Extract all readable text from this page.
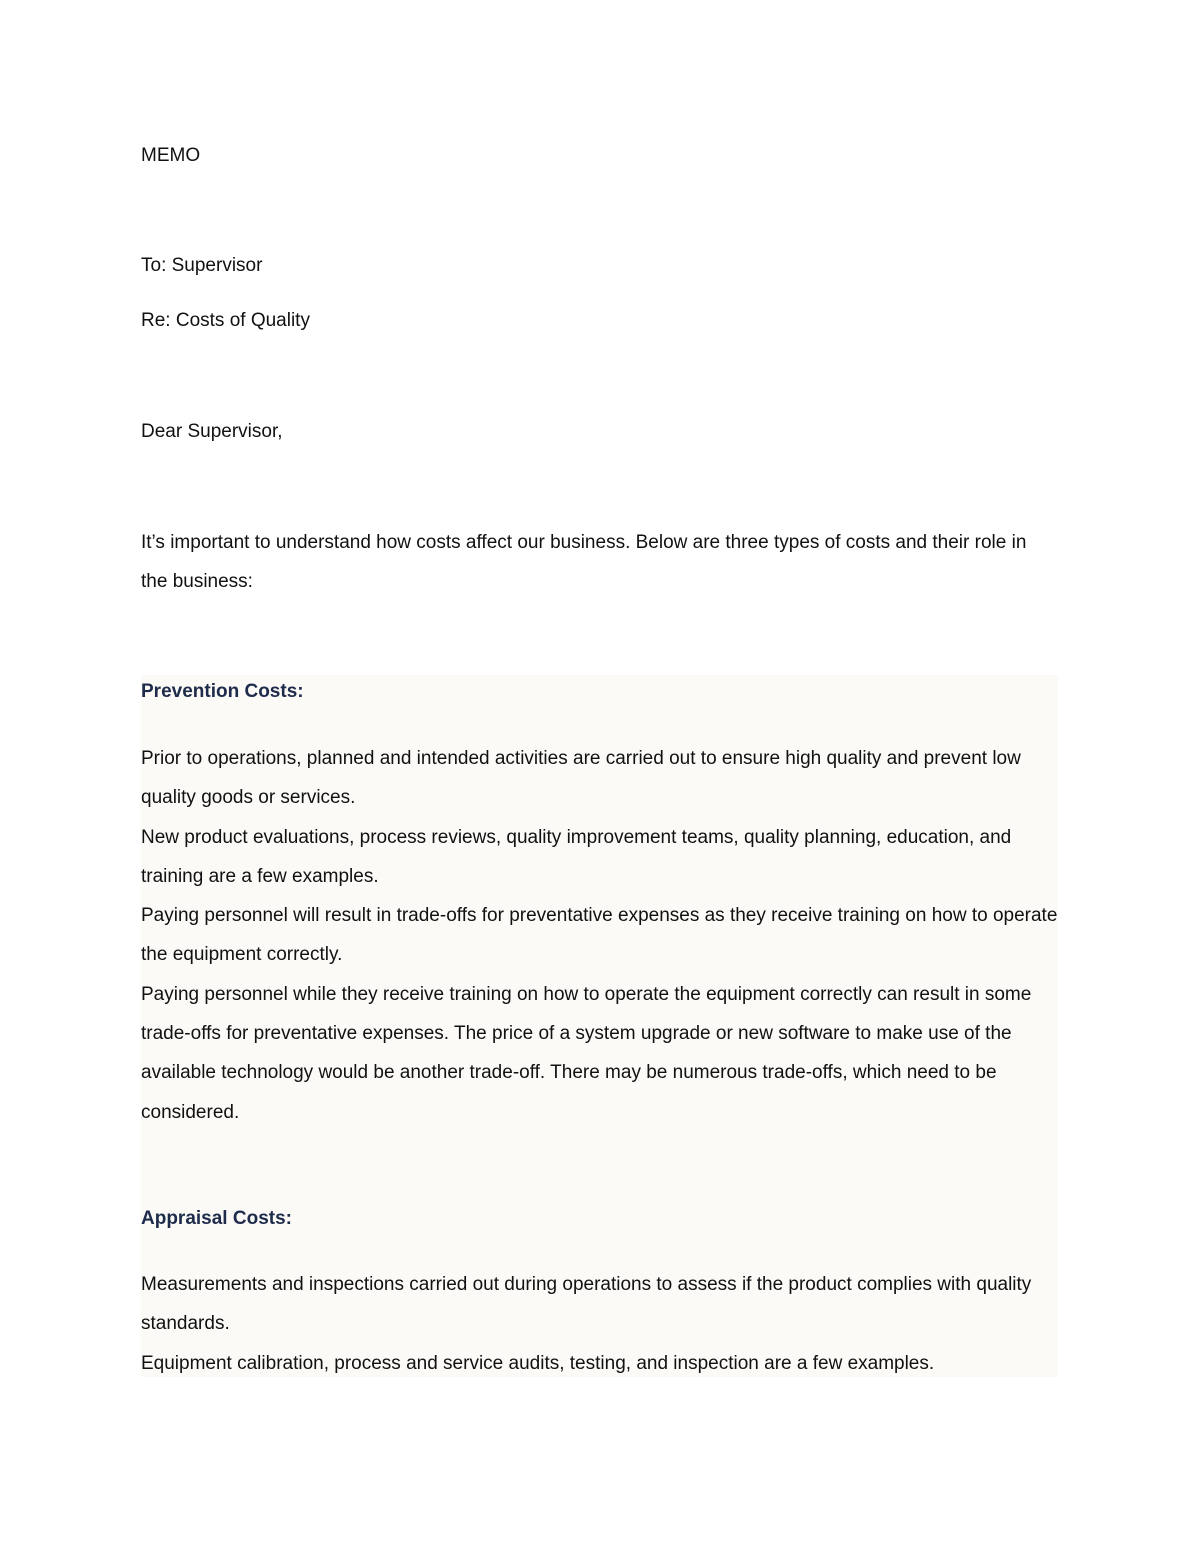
MEMO
To: Supervisor
Re: Costs of Quality
Dear Supervisor,
It’s important to understand how costs affect our business. Below are three types of costs and their role in the business:
Prevention Costs:

Prior to operations, planned and intended activities are carried out to ensure high quality and prevent low quality goods or services.

New product evaluations, process reviews, quality improvement teams, quality planning, education, and training are a few examples.

Paying personnel will result in trade-offs for preventative expenses as they receive training on how to operate the equipment correctly.

Paying personnel while they receive training on how to operate the equipment correctly can result in some trade-offs for preventative expenses. The price of a system upgrade or new software to make use of the available technology would be another trade-off. There may be numerous trade-offs, which need to be considered.

Appraisal Costs:

Measurements and inspections carried out during operations to assess if the product complies with quality standards.

Equipment calibration, process and service audits, testing, and inspection are a few examples.
